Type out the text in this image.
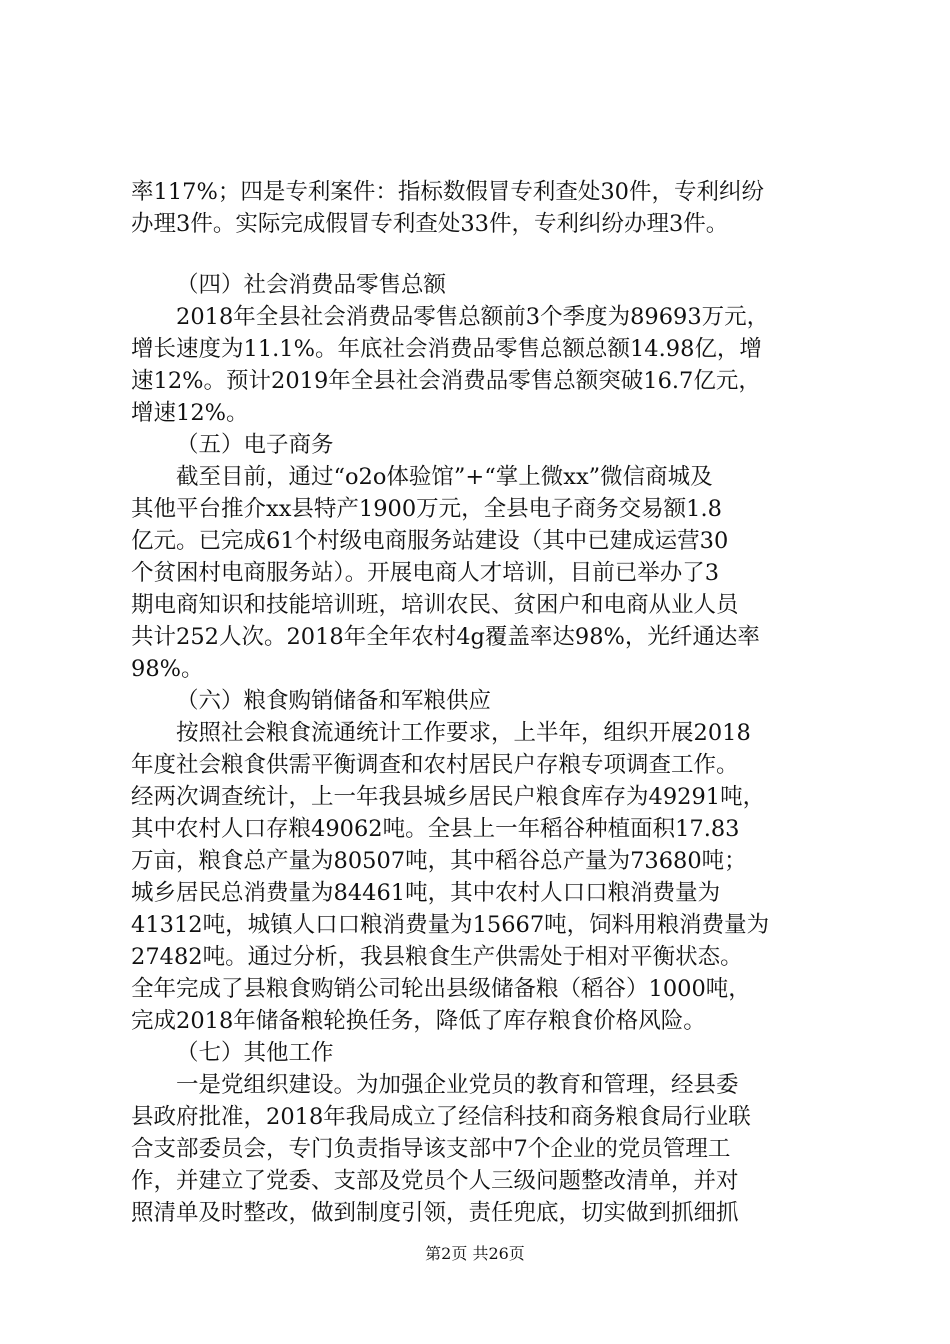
率117%；四是专利案件：指标数假冒专利查处30件，专利纠纷
办理3件。实际完成假冒专利查处33件，专利纠纷办理3件。
（四）社会消费品零售总额
2018年全县社会消费品零售总额前3个季度为89693万元，
增长速度为11.1%。年底社会消费品零售总额总额14.98亿，增
速12%。预计2019年全县社会消费品零售总额突破16.7亿元，
增速12%。
（五）电子商务
截至目前，通过“o2o体验馆”+“掌上微xx”微信商城及
其他平台推介xx县特产1900万元，全县电子商务交易额1.8
亿元。已完成61个村级电商服务站建设（其中已建成运营30
个贫困村电商服务站）。开展电商人才培训，目前已举办了3
期电商知识和技能培训班，培训农民、贫困户和电商从业人员
共计252人次。2018年全年农村4g覆盖率达98%，光纤通达率
98%。
（六）粮食购销储备和军粮供应
按照社会粮食流通统计工作要求，上半年，组织开展2018
年度社会粮食供需平衡调查和农村居民户存粮专项调查工作。
经两次调查统计，上一年我县城乡居民户粮食库存为49291吨，
其中农村人口存粮49062吨。全县上一年稻谷种植面积17.83
万亩，粮食总产量为80507吨，其中稻谷总产量为73680吨；
城乡居民总消费量为84461吨，其中农村人口口粮消费量为
41312吨，城镇人口口粮消费量为15667吨，饲料用粮消费量为
27482吨。通过分析，我县粮食生产供需处于相对平衡状态。
全年完成了县粮食购销公司轮出县级储备粮（稻谷）1000吨，
完成2018年储备粮轮换任务，降低了库存粮食价格风险。
（七）其他工作
一是党组织建设。为加强企业党员的教育和管理，经县委
县政府批准，2018年我局成立了经信科技和商务粮食局行业联
合支部委员会，专门负责指导该支部中7个企业的党员管理工
作，并建立了党委、支部及党员个人三级问题整改清单，并对
照清单及时整改，做到制度引领，责任兜底，切实做到抓细抓
第2页 共26页
